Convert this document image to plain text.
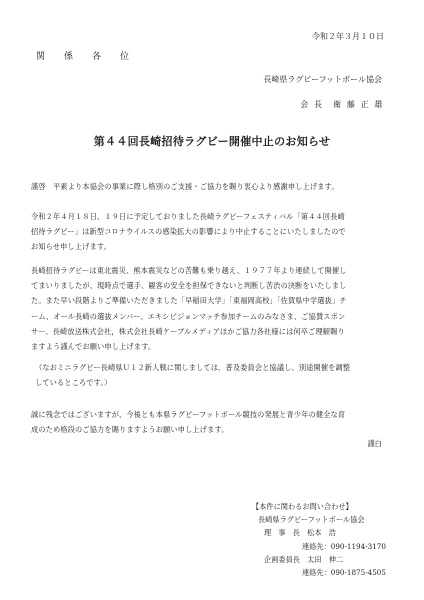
令和２年３月１０日
関　係　各　位
長崎県ラグビーフットボール協会
会 長　衛 藤 正 雄
第４４回長崎招待ラグビー開催中止のお知らせ
謹啓　平素より本協会の事業に際し格別のご支援・ご協力を賜り衷心より感謝申し上げます。
令和２年４月１８日、１９日に予定しておりました長崎ラグビーフェスティバル「第４４回長崎
招待ラグビー」は新型コロナウイルスの感染拡大の影響により中止することにいたしましたので
お知らせ申し上げます。
長崎招待ラグビーは東北震災、熊本震災などの苦難も乗り越え、１９７７年より連続して開催し
てまいりましたが、現時点で選手、観客の安全を担保できないと判断し苦渋の決断をいたしまし
た。また早い段階よりご準備いただきました「早稲田大学」「東福岡高校」「佐賀県中学選抜」チ
ーム、オール長崎の選抜メンバー、エキシビジョンマッチ参加チームのみなさま、ご協賛スポン
サー、長崎放送株式会社，株式会社長崎ケーブルメディアほかご協力各社様には何卒ご理解賜り
ますよう謹んでお願い申し上げます。
（なおミニラグビー長崎県Ｕ１２新人戦に関しましては、普及委員会と協議し、別途開催を調整
しているところです。）
誠に残念ではございますが、今後とも本県ラグビーフットボール競技の発展と青少年の健全な育
成のため格段のご協力を賜りますようお願い申し上げます。
謹白
【本件に関わるお問い合わせ】
長崎県ラグビーフットボール協会
理　事　長　松本　浩
連絡先：090-1194-3170
企画委員長　太田　伸二
連絡先：090-1875-4505
